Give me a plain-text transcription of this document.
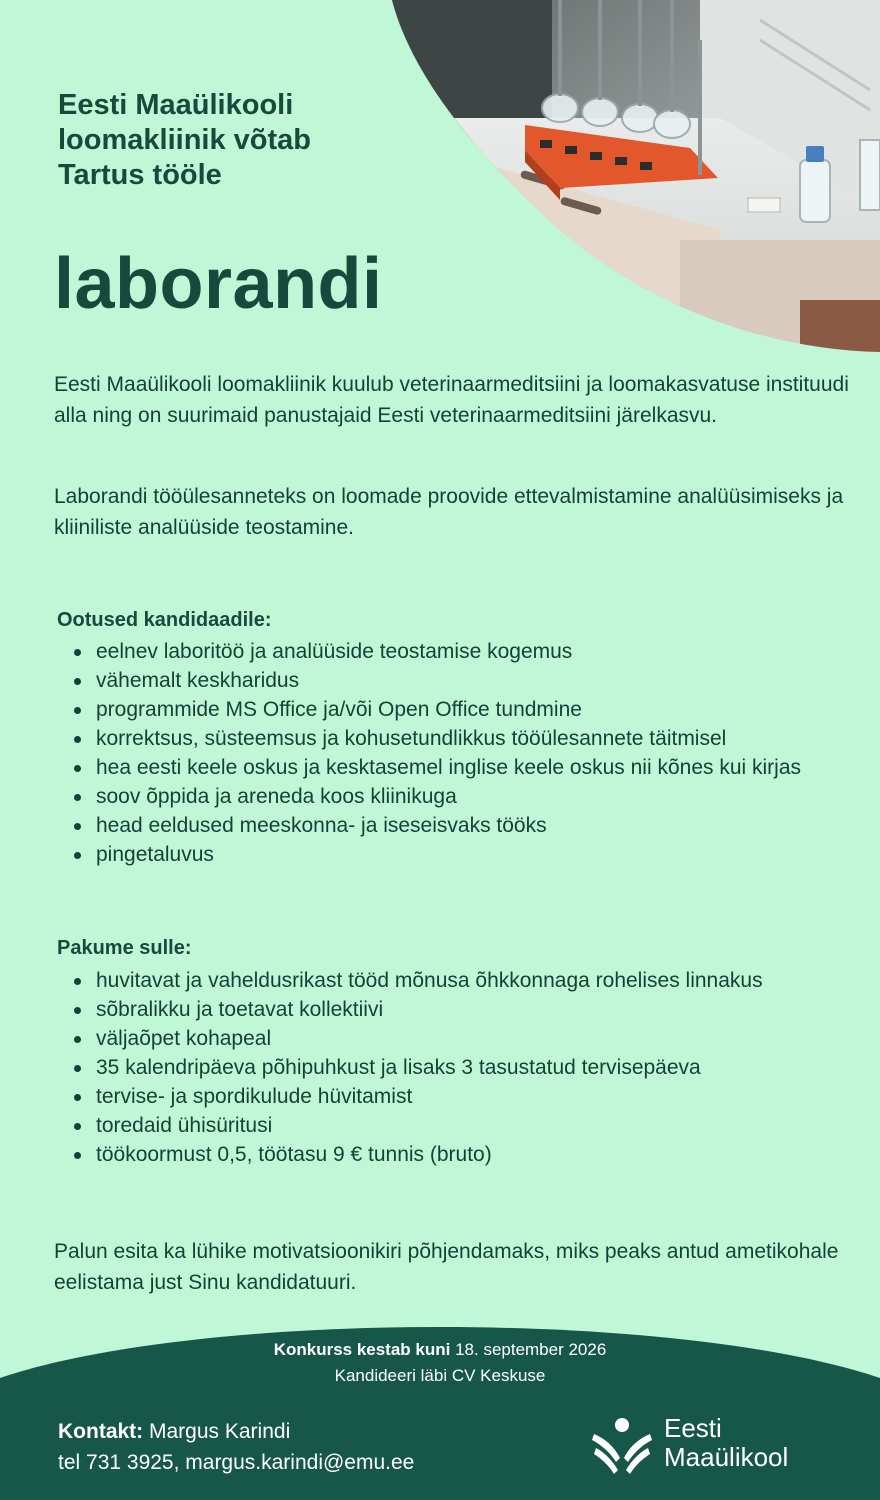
Eesti Maaülikooli
loomakliinik võtab
Tartus tööle
laborandi

Eesti Maaülikooli loomakliinik kuulub veterinaarmeditsiini ja loomakasvatuse instituudi alla ning on suurimaid panustajaid Eesti veterinaarmeditsiini järelkasvu.

Laborandi tööülesanneteks on loomade proovide ettevalmistamine analüüsimiseks ja kliiniliste analüüside teostamine.

Ootused kandidaadile:
eelnev laboritöö ja analüüside teostamise kogemus
vähemalt keskharidus
programmide MS Office ja/või Open Office tundmine
korrektsus, süsteemsus ja kohusetundlikkus tööülesannete täitmisel
hea eesti keele oskus ja kesktasemel inglise keele oskus nii kõnes kui kirjas
soov õppida ja areneda koos kliinikuga
head eeldused meeskonna- ja iseseisvaks tööks
pingetaluvus
Pakume sulle:
huvitavat ja vaheldusrikast tööd mõnusa õhkkonnaga rohelises linnakus
sõbralikku ja toetavat kollektiivi
väljaõpet kohapeal
35 kalendripäeva põhipuhkust ja lisaks 3 tasustatud tervisepäeva
tervise- ja spordikulude hüvitamist
toredaid ühisüritusi
töökoormust 0,5, töötasu 9 € tunnis (bruto)

Palun esita ka lühike motivatsioonikiri põhjendamaks, miks peaks antud ametikohale eelistama just Sinu kandidatuuri.

Konkurss kestab kuni 18. september 2026

Kandideeri läbi CV Keskuse

Kontakt: Margus Karindi
tel 731 3925, margus.karindi@emu.ee
Eesti
Maaülikool
